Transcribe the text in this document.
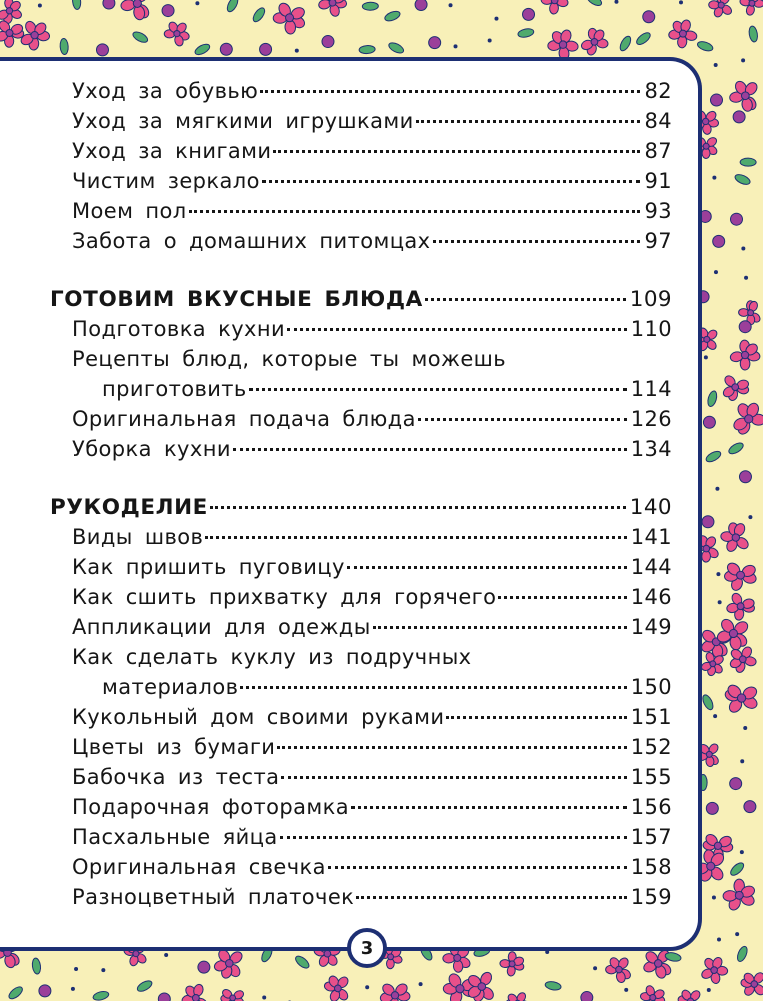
Уход за обувью	82
Уход за мягкими игрушками	84
Уход за книгами	87
Чистим зеркало	91
Моем пол	93
Забота о домашних питомцах	97
ГОТОВИМ ВКУСНЫЕ БЛЮДА	109
Подготовка кухни	110
Рецепты блюд, которые ты можешь
приготовить	114
Оригинальная подача блюда	126
Уборка кухни	134
РУКОДЕЛИЕ	140
Виды швов	141
Как пришить пуговицу	144
Как сшить прихватку для горячего	146
Аппликации для одежды	149
Как сделать куклу из подручных
материалов	150
Кукольный дом своими руками	151
Цветы из бумаги	152
Бабочка из теста	155
Подарочная фоторамка	156
Пасхальные яйца	157
Оригинальная свечка	158
Разноцветный платочек	159
3
